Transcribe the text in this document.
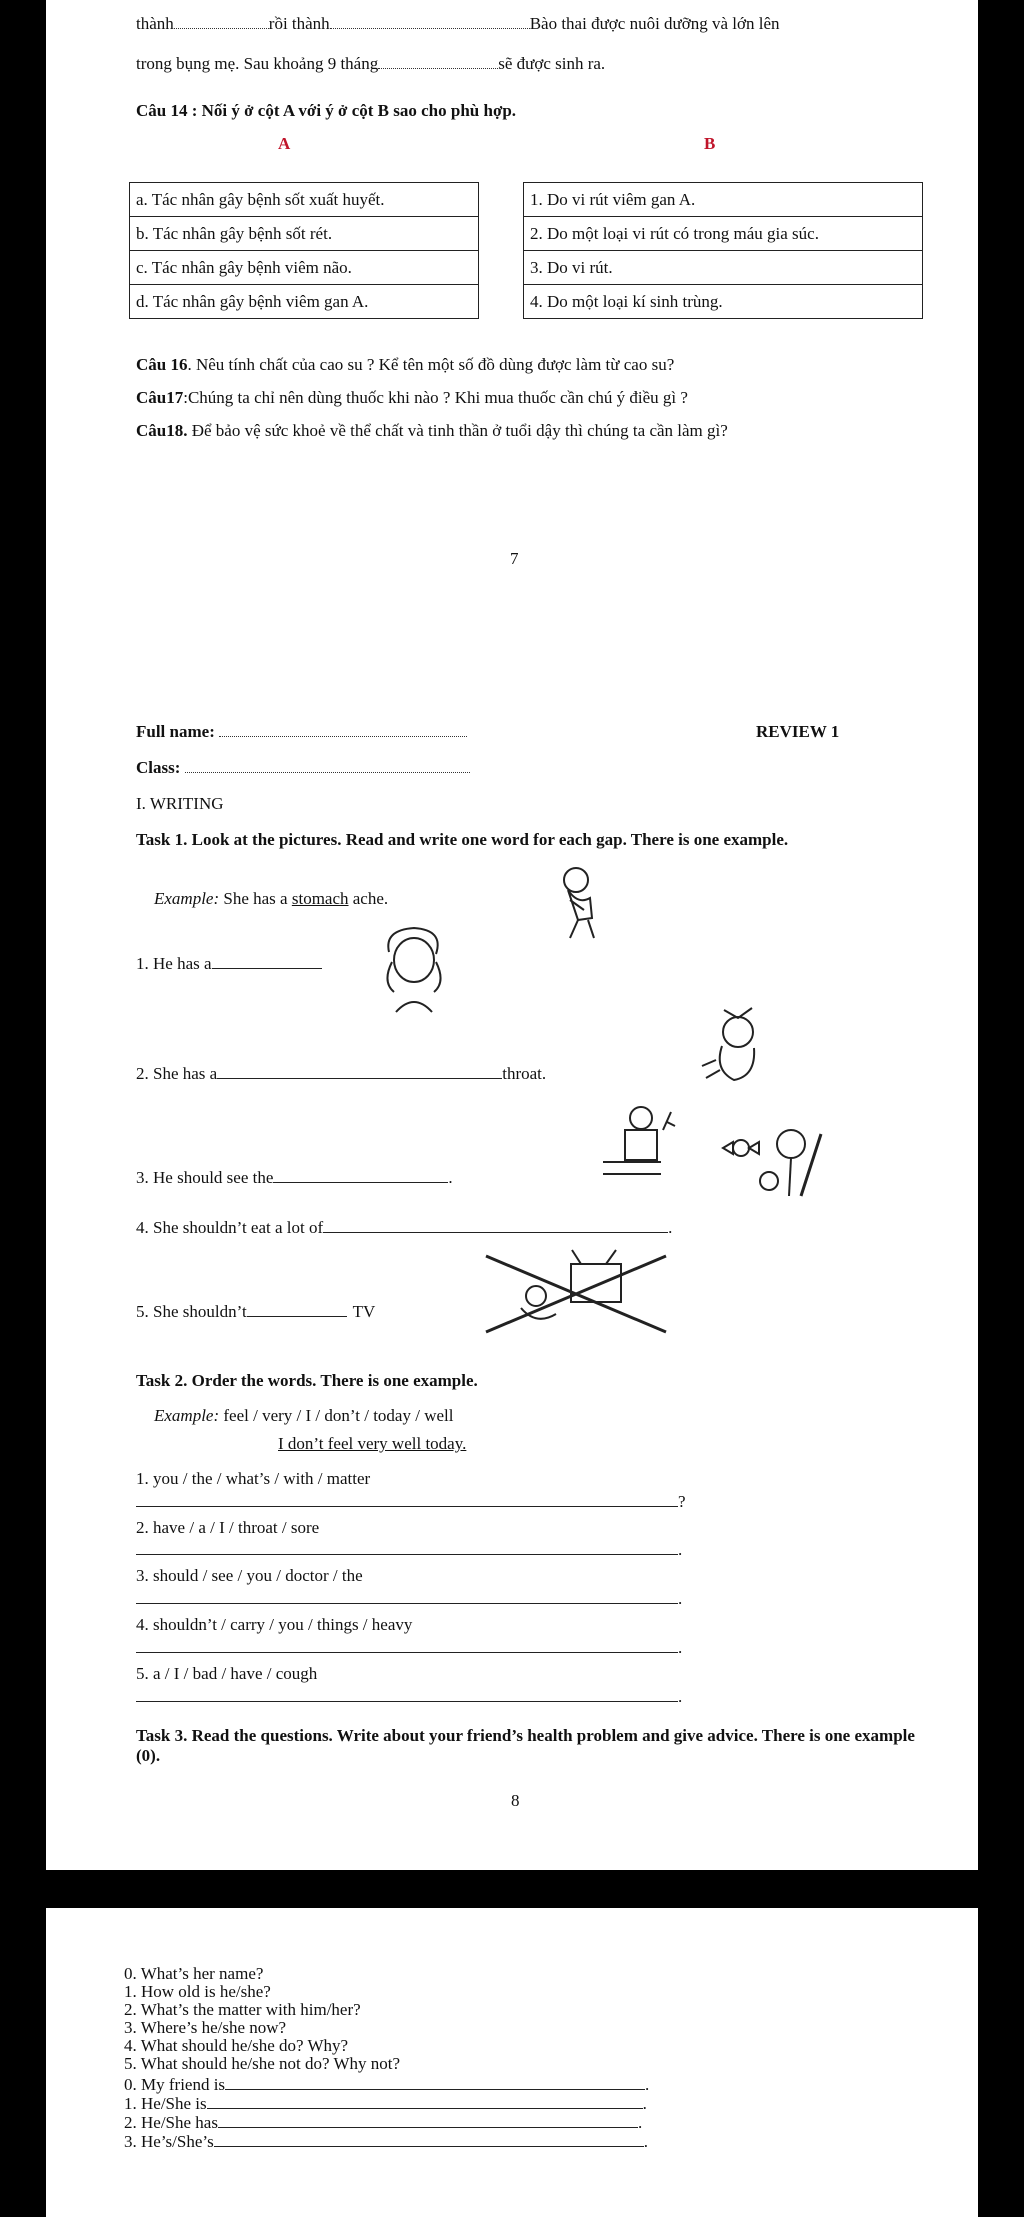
thành	rồi thành	Bào thai được nuôi dưỡng và lớn lên
trong bụng mẹ. Sau khoảng 9 tháng	sẽ được sinh ra.
Câu 14 : Nối ý ở cột A với ý ở cột B sao cho phù hợp.
A	B
a. Tác nhân gây bệnh sốt xuất huyết.
b. Tác nhân gây bệnh sốt rét.
c. Tác nhân gây bệnh viêm não.
d. Tác nhân gây bệnh viêm gan A.
1. Do vi rút viêm gan A.
2. Do một loại vi rút có trong máu gia súc.
3. Do vi rút.
4. Do một loại kí sinh trùng.
Câu 16. Nêu tính chất của cao su ? Kể tên một số đồ dùng được làm từ cao su?
Câu17:Chúng ta chỉ nên dùng thuốc khi nào ? Khi mua thuốc cần chú ý điều gì ?
Câu18. Để bảo vệ sức khoẻ về thể chất và tinh thần ở tuổi dậy thì chúng ta cần làm gì?
7
Full name:	REVIEW 1
Class:
I. WRITING
Task 1. Look at the pictures. Read and write one word for each gap. There is one example.
Example: She has a stomach ache.
1. He has a
2. She has a	throat.
3. He should see the	.
4. She shouldn’t eat a lot of	.
5. She shouldn’t	TV
Task 2. Order the words. There is one example.
Example: feel / very / I / don’t / today / well
I don’t feel very well today.
1. you / the / what’s / with / matter
?
2. have / a / I / throat / sore
.
3. should / see / you / doctor / the
.
4. shouldn’t / carry / you / things / heavy
.
5. a / I / bad / have / cough
.
Task 3. Read the questions. Write about your friend’s health problem and give advice. There is one example (0).
8
0. What’s her name?
1. How old is he/she?
2. What’s the matter with him/her?
3. Where’s he/she now?
4. What should he/she do? Why?
5. What should he/she not do? Why not?
0. My friend is	.
1. He/She is	.
2. He/She has	.
3. He’s/She’s	.
